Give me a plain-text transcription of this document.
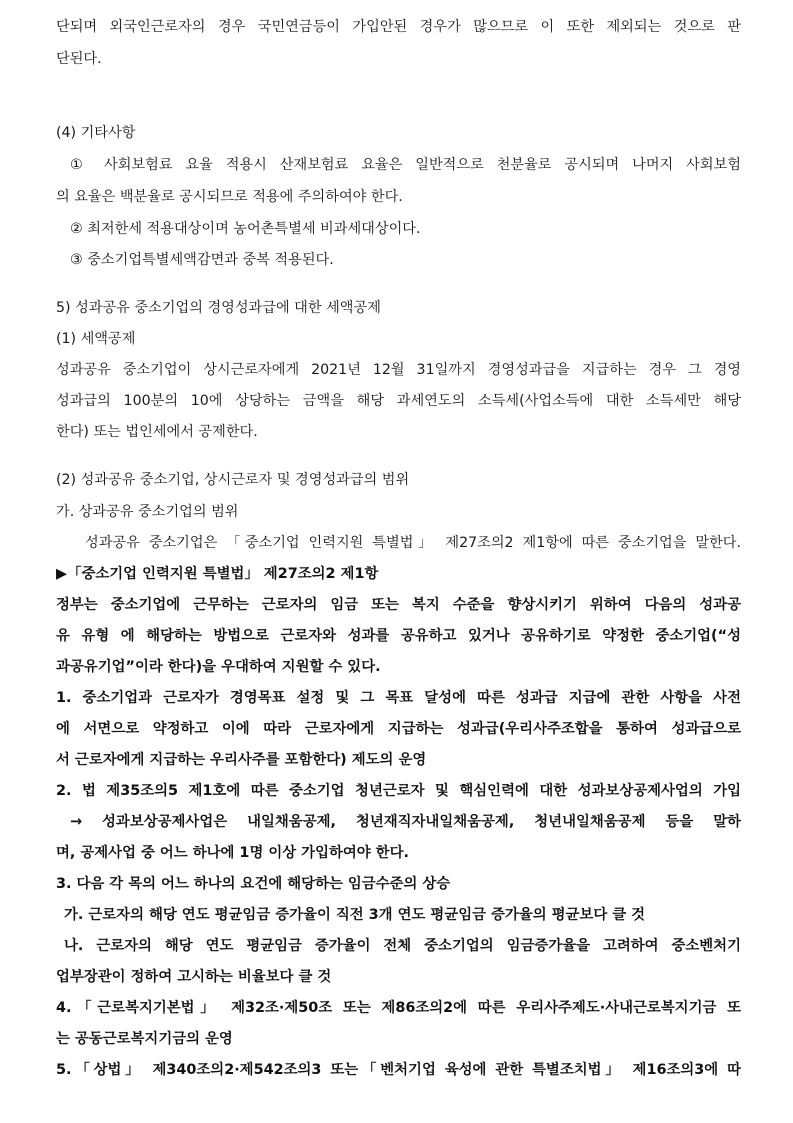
단되며 외국인근로자의 경우 국민연금등이 가입안된 경우가 많으므로 이 또한 제외되는 것으로 판

단된다.

(4) 기타사항

① 사회보험료 요율 적용시 산재보험료 요율은 일반적으로 천분율로 공시되며 나머지 사회보험

의 요율은 백분율로 공시되므로 적용에 주의하여야 한다.

② 최저한세 적용대상이며 농어촌특별세 비과세대상이다.

③ 중소기업특별세액감면과 중복 적용된다.

5) 성과공유 중소기업의 경영성과급에 대한 세액공제

(1) 세액공제

성과공유 중소기업이 상시근로자에게 2021년 12월 31일까지 경영성과급을 지급하는 경우 그 경영

성과급의 100분의 10에 상당하는 금액을 해당 과세연도의 소득세(사업소득에 대한 소득세만 해당

한다) 또는 법인세에서 공제한다.

(2) 성과공유 중소기업, 상시근로자 및 경영성과급의 범위

가. 상과공유 중소기업의 범위

성과공유 중소기업은 「중소기업 인력지원 특별법」 제27조의2 제1항에 따른 중소기업을 말한다.

▶「중소기업 인력지원 특별법」 제27조의2 제1항

정부는 중소기업에 근무하는 근로자의 임금 또는 복지 수준을 향상시키기 위하여 다음의 성과공

유 유형 에 해당하는 방법으로 근로자와 성과를 공유하고 있거나 공유하기로 약정한 중소기업(“성

과공유기업”이라 한다)을 우대하여 지원할 수 있다.

1. 중소기업과 근로자가 경영목표 설정 및 그 목표 달성에 따른 성과급 지급에 관한 사항을 사전

에 서면으로 약정하고 이에 따라 근로자에게 지급하는 성과급(우리사주조합을 통하여 성과급으로

서 근로자에게 지급하는 우리사주를 포함한다) 제도의 운영

2. 법 제35조의5 제1호에 따른 중소기업 청년근로자 및 핵심인력에 대한 성과보상공제사업의 가입

→ 성과보상공제사업은 내일채움공제, 청년재직자내일채움공제, 청년내일채움공제 등을 말하

며, 공제사업 중 어느 하나에 1명 이상 가입하여야 한다.

3. 다음 각 목의 어느 하나의 요건에 해당하는 임금수준의 상승

가. 근로자의 해당 연도 평균임금 증가율이 직전 3개 연도 평균임금 증가율의 평균보다 클 것

나. 근로자의 해당 연도 평균임금 증가율이 전체 중소기업의 임금증가율을 고려하여 중소벤처기

업부장관이 정하여 고시하는 비율보다 클 것

4.「근로복지기본법」 제32조·제50조 또는 제86조의2에 따른 우리사주제도·사내근로복지기금 또

는 공동근로복지기금의 운영

5.「상법」 제340조의2·제542조의3 또는「벤처기업 육성에 관한 특별조치법」 제16조의3에 따
